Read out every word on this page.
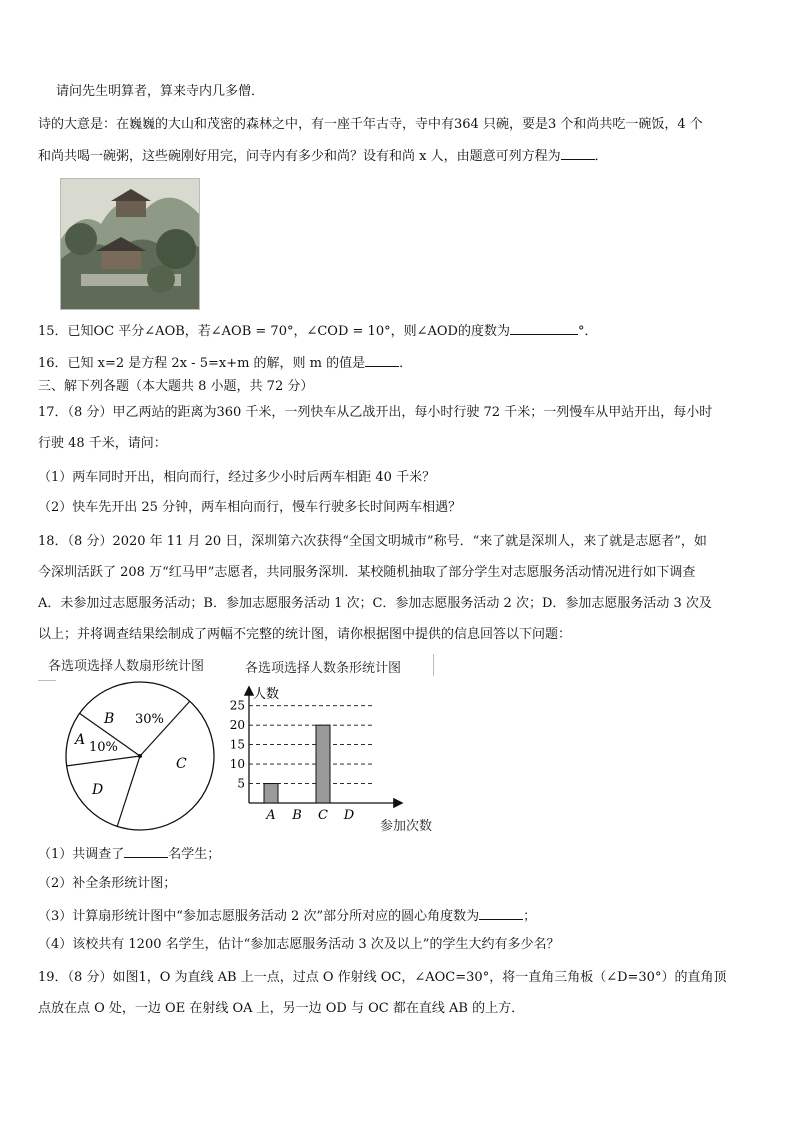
请问先生明算者，算来寺内几多僧．
诗的大意是：在巍巍的大山和茂密的森林之中，有一座千年古寺，寺中有364 只碗，要是3 个和尚共吃一碗饭，4 个
和尚共喝一碗粥，这些碗刚好用完，问寺内有多少和尚？设有和尚 x 人，由题意可列方程为	．
15．已知OC 平分∠AOB，若∠AOB = 70°，∠COD = 10°，则∠AOD的度数为	°．
16．已知 x=2 是方程 2x - 5=x+m 的解，则 m 的值是	．
三、解下列各题（本大题共 8 小题，共 72 分）
17．（8 分）甲乙两站的距离为360 千米，一列快车从乙战开出，每小时行驶 72 千米；一列慢车从甲站开出，每小时
行驶 48 千米，请问：
（1）两车同时开出，相向而行，经过多少小时后两车相距 40 千米？
（2）快车先开出 25 分钟，两车相向而行，慢车行驶多长时间两车相遇？
18．（8 分）2020 年 11 月 20 日，深圳第六次获得“全国文明城市”称号．“来了就是深圳人，来了就是志愿者”，如
今深圳活跃了 208 万“红马甲”志愿者，共同服务深圳．某校随机抽取了部分学生对志愿服务活动情况进行如下调查
A．未参加过志愿服务活动；B．参加志愿服务活动 1 次；C．参加志愿服务活动 2 次；D．参加志愿服务活动 3 次及
以上；并将调查结果绘制成了两幅不完整的统计图，请你根据图中提供的信息回答以下问题：
各选项选择人数扇形统计图	各选项选择人数条形统计图
B 30%
A 10%
C
D
人数
5
10
15
20
25
A B C D
参加次数
（1）共调查了	名学生；
（2）补全条形统计图；
（3）计算扇形统计图中“参加志愿服务活动 2 次”部分所对应的圆心角度数为	；
（4）该校共有 1200 名学生，估计“参加志愿服务活动 3 次及以上”的学生大约有多少名？
19．（8 分）如图1，O 为直线 AB 上一点，过点 O 作射线 OC，∠AOC=30°，将一直角三角板（∠D=30°）的直角顶
点放在点 O 处，一边 OE 在射线 OA 上，另一边 OD 与 OC 都在直线 AB 的上方．
